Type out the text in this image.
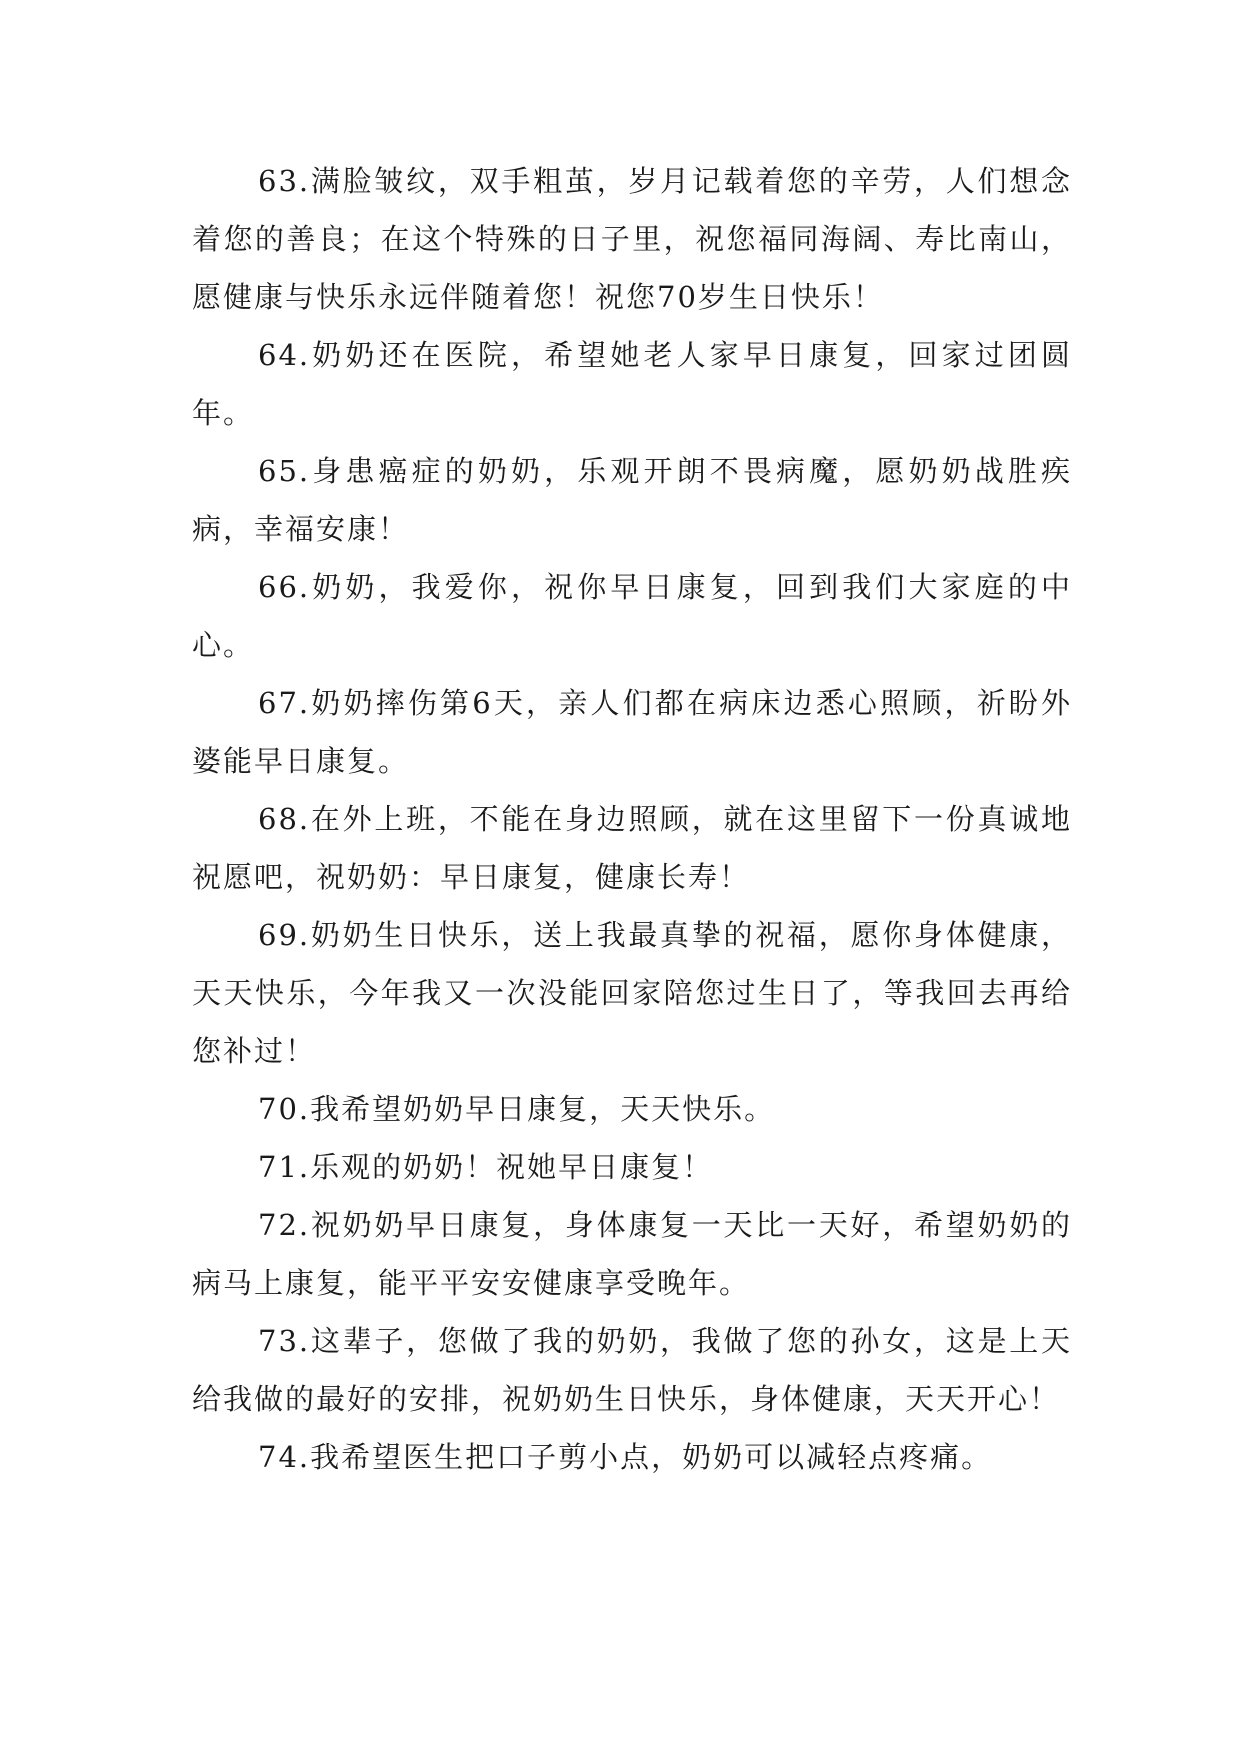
63.满脸皱纹，双手粗茧，岁月记载着您的辛劳，人们想念着您的善良；在这个特殊的日子里，祝您福同海阔、寿比南山，愿健康与快乐永远伴随着您！祝您70岁生日快乐！

64.奶奶还在医院，希望她老人家早日康复，回家过团圆年。

65.身患癌症的奶奶，乐观开朗不畏病魔，愿奶奶战胜疾病，幸福安康！

66.奶奶，我爱你，祝你早日康复，回到我们大家庭的中心。

67.奶奶摔伤第6天，亲人们都在病床边悉心照顾，祈盼外婆能早日康复。

68.在外上班，不能在身边照顾，就在这里留下一份真诚地祝愿吧，祝奶奶：早日康复，健康长寿！

69.奶奶生日快乐，送上我最真挚的祝福，愿你身体健康，天天快乐，今年我又一次没能回家陪您过生日了，等我回去再给您补过！

70.我希望奶奶早日康复，天天快乐。

71.乐观的奶奶！祝她早日康复！

72.祝奶奶早日康复，身体康复一天比一天好，希望奶奶的病马上康复，能平平安安健康享受晚年。

73.这辈子，您做了我的奶奶，我做了您的孙女，这是上天给我做的最好的安排，祝奶奶生日快乐，身体健康，天天开心！

74.我希望医生把口子剪小点，奶奶可以减轻点疼痛。
